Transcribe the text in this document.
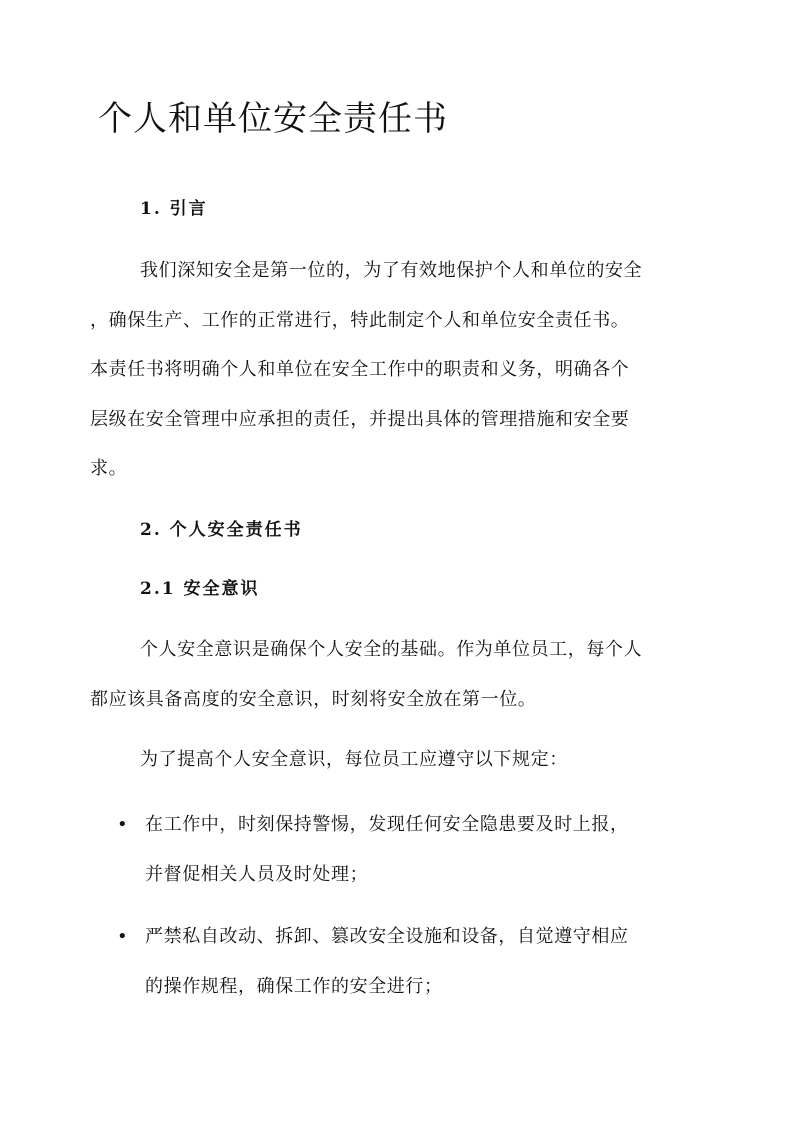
个人和单位安全责任书
1. 引言
我们深知安全是第一位的，为了有效地保护个人和单位的安全
，确保生产、工作的正常进行，特此制定个人和单位安全责任书。
本责任书将明确个人和单位在安全工作中的职责和义务，明确各个
层级在安全管理中应承担的责任，并提出具体的管理措施和安全要
求。
2. 个人安全责任书
2.1 安全意识
个人安全意识是确保个人安全的基础。作为单位员工，每个人
都应该具备高度的安全意识，时刻将安全放在第一位。
为了提高个人安全意识，每位员工应遵守以下规定：
• 在工作中，时刻保持警惕，发现任何安全隐患要及时上报，
并督促相关人员及时处理；
• 严禁私自改动、拆卸、篡改安全设施和设备，自觉遵守相应
的操作规程，确保工作的安全进行；
